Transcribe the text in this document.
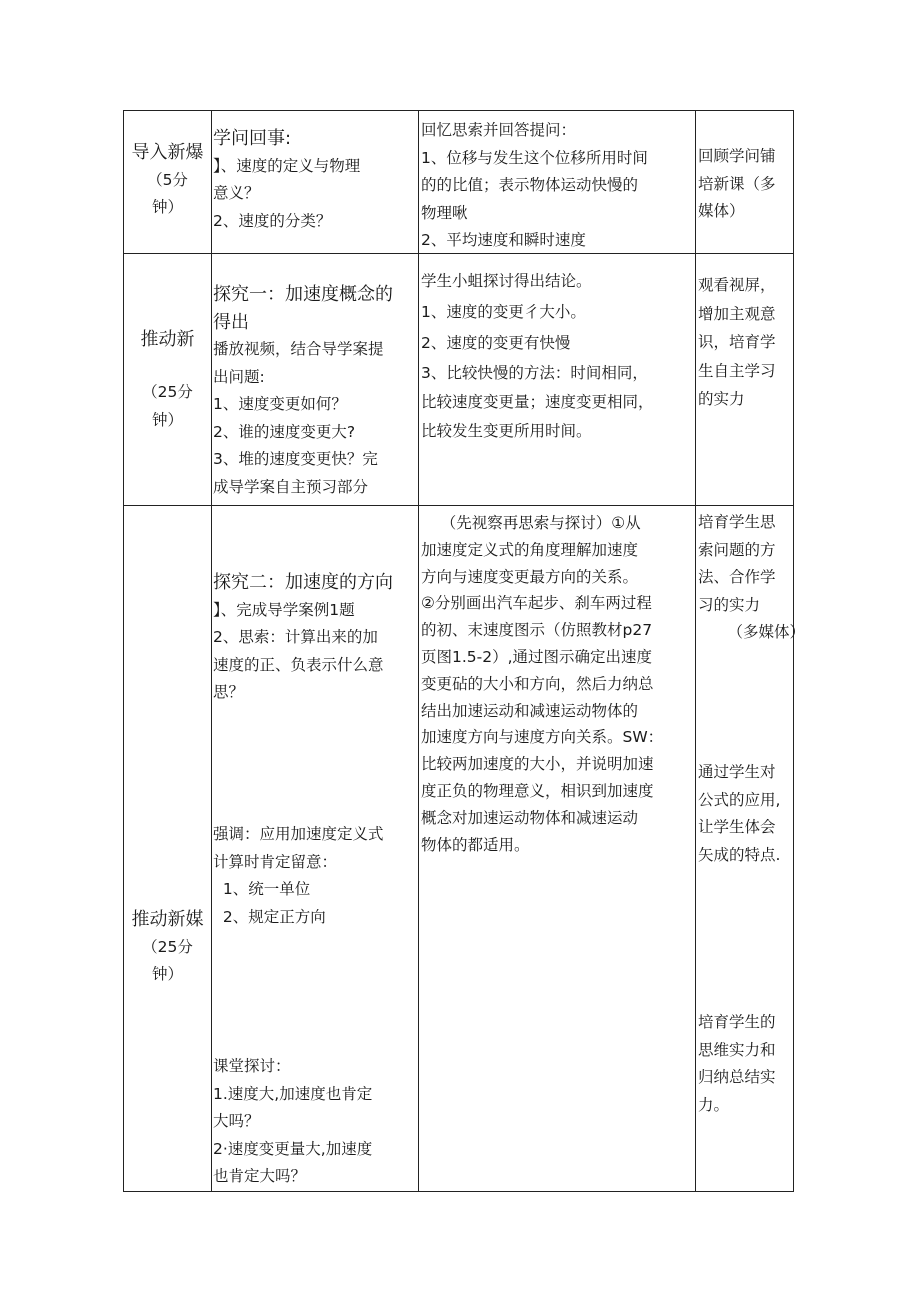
导入新爆

（5分

钟）

学问回事:

】、速度的定义与物理

意义？

2、速度的分类？

回忆思索并回答提问：

1、位移与发生这个位移所用时间

的的比值；表示物体运动快慢的

物理啾

2、平均速度和瞬时速度

回顾学问铺

培新课（多

媒体）

推动新

（25分

钟）

探究一：加速度概念的

得出

播放视频，结合导学案提

出问题:

1、速度变更如何？

2、谁的速度变更大?

3、堆的速度变更快？完

成导学案自主预习部分

学生小蛆探讨得出结论。

1、速度的变更彳大小。

2、速度的变更有快慢

3、比较快慢的方法：时间相同，

比较速度变更量；速度变更相同，

比较发生变更所用时间。

观看视屏，

增加主观意

识，培育学

生自主学习

的实力

推动新媒

（25分

钟）

探究二：加速度的方向

】、完成导学案例1题

2、思索：计算出来的加

速度的正、负表示什么意

思？

强调：应用加速度定义式

计算时肯定留意：

1、统一单位

2、规定正方向

课堂探讨：

1.速度大,加速度也肯定

大吗？

2·速度变更量大,加速度

也肯定大吗？

（先视察再思索与探讨）①从

加速度定义式的角度理解加速度

方向与速度变更最方向的关系。

②分别画出汽车起步、刹车两过程

的初、末速度图示（仿照教材p27

页图1.5-2）,通过图示确定出速度

变更砧的大小和方向，然后力纳总

结出加速运动和减速运动物体的

加速度方向与速度方向关系。SW：

比较两加速度的大小，并说明加速

度正负的物理意义，相识到加速度

概念对加速运动物体和减速运动

物体的都适用。

培育学生思

索问题的方

法、合作学

习的实力

（多媒体）

通过学生对

公式的应用,

让学生体会

矢成的特点.

培育学生的

思维实力和

归纳总结实

力。
